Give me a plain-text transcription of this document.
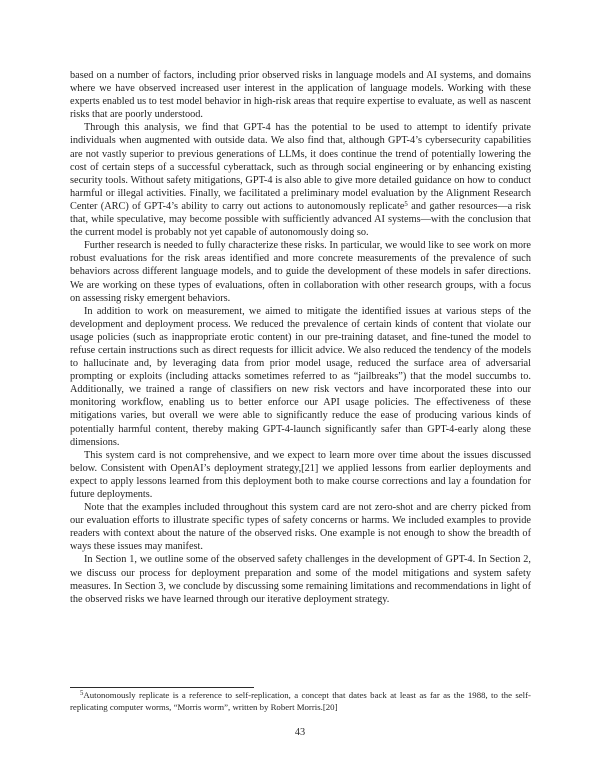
based on a number of factors, including prior observed risks in language models and AI systems, and domains where we have observed increased user interest in the application of language models. Working with these experts enabled us to test model behavior in high-risk areas that require expertise to evaluate, as well as nascent risks that are poorly understood.

Through this analysis, we find that GPT-4 has the potential to be used to attempt to identify private individuals when augmented with outside data. We also find that, although GPT-4’s cybersecurity capabilities are not vastly superior to previous generations of LLMs, it does continue the trend of potentially lowering the cost of certain steps of a successful cyberattack, such as through social engineering or by enhancing existing security tools. Without safety mitigations, GPT-4 is also able to give more detailed guidance on how to conduct harmful or illegal activities. Finally, we facilitated a preliminary model evaluation by the Alignment Research Center (ARC) of GPT-4’s ability to carry out actions to autonomously replicate$^5$ and gather resources—a risk that, while speculative, may become possible with sufficiently advanced AI systems—with the conclusion that the current model is probably not yet capable of autonomously doing so.

Further research is needed to fully characterize these risks. In particular, we would like to see work on more robust evaluations for the risk areas identified and more concrete measurements of the prevalence of such behaviors across different language models, and to guide the development of these models in safer directions. We are working on these types of evaluations, often in collaboration with other research groups, with a focus on assessing risky emergent behaviors.

In addition to work on measurement, we aimed to mitigate the identified issues at various steps of the development and deployment process. We reduced the prevalence of certain kinds of content that violate our usage policies (such as inappropriate erotic content) in our pre-training dataset, and fine-tuned the model to refuse certain instructions such as direct requests for illicit advice. We also reduced the tendency of the models to hallucinate and, by leveraging data from prior model usage, reduced the surface area of adversarial prompting or exploits (including attacks sometimes referred to as “jailbreaks”) that the model succumbs to. Additionally, we trained a range of classifiers on new risk vectors and have incorporated these into our monitoring workflow, enabling us to better enforce our API usage policies. The effectiveness of these mitigations varies, but overall we were able to significantly reduce the ease of producing various kinds of potentially harmful content, thereby making GPT-4-launch significantly safer than GPT-4-early along these dimensions.

This system card is not comprehensive, and we expect to learn more over time about the issues discussed below. Consistent with OpenAI’s deployment strategy,[21] we applied lessons from earlier deployments and expect to apply lessons learned from this deployment both to make course corrections and lay a foundation for future deployments.

Note that the examples included throughout this system card are not zero-shot and are cherry picked from our evaluation efforts to illustrate specific types of safety concerns or harms. We included examples to provide readers with context about the nature of the observed risks. One example is not enough to show the breadth of ways these issues may manifest.

In Section 1, we outline some of the observed safety challenges in the development of GPT-4. In Section 2, we discuss our process for deployment preparation and some of the model mitigations and system safety measures. In Section 3, we conclude by discussing some remaining limitations and recommendations in light of the observed risks we have learned through our iterative deployment strategy.

$^5$Autonomously replicate is a reference to self-replication, a concept that dates back at least as far as the 1988, to the self-replicating computer worms, “Morris worm”, written by Robert Morris.[20]

43
